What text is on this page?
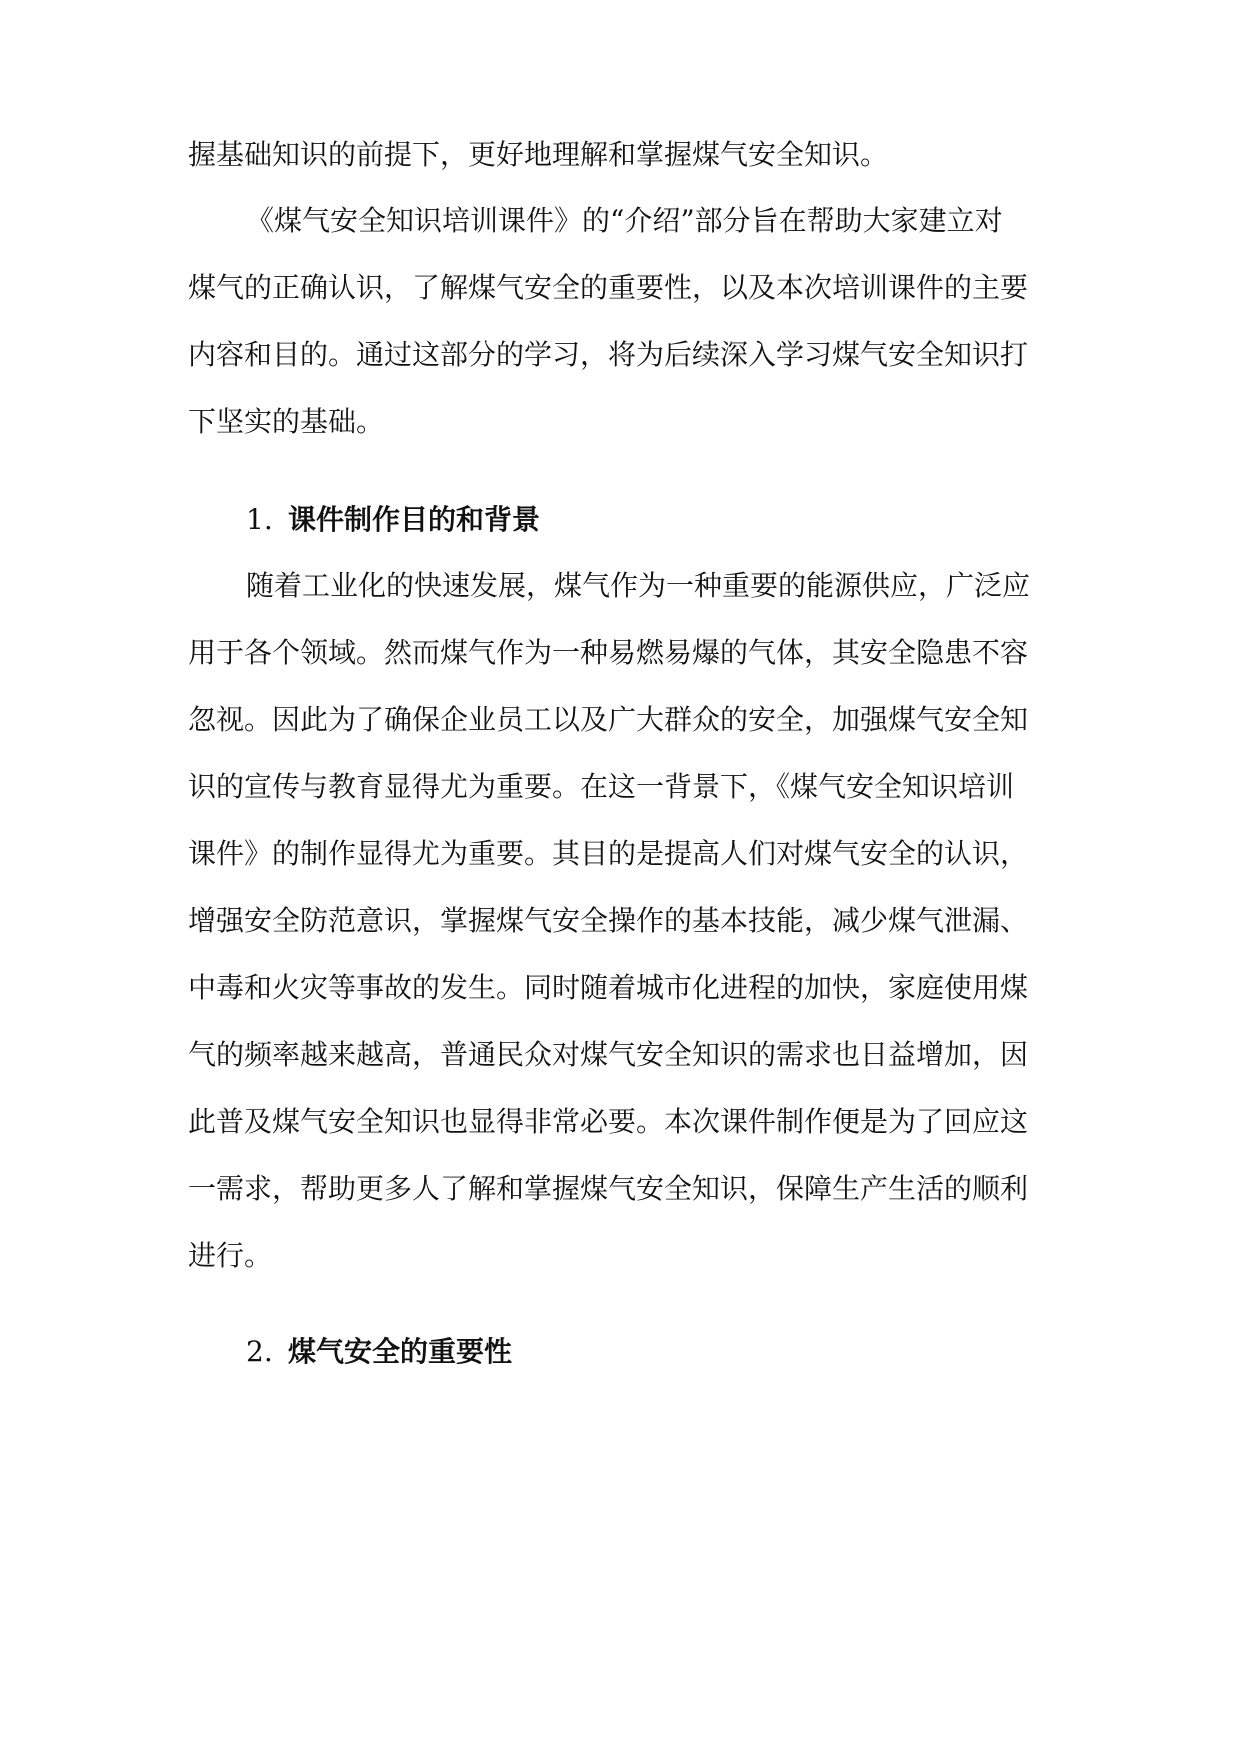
握基础知识的前提下，更好地理解和掌握煤气安全知识。

《煤气安全知识培训课件》的“介绍”部分旨在帮助大家建立对

煤气的正确认识，了解煤气安全的重要性，以及本次培训课件的主要

内容和目的。通过这部分的学习，将为后续深入学习煤气安全知识打

下坚实的基础。

1. 课件制作目的和背景

随着工业化的快速发展，煤气作为一种重要的能源供应，广泛应

用于各个领域。然而煤气作为一种易燃易爆的气体，其安全隐患不容

忽视。因此为了确保企业员工以及广大群众的安全，加强煤气安全知

识的宣传与教育显得尤为重要。在这一背景下，《煤气安全知识培训

课件》的制作显得尤为重要。其目的是提高人们对煤气安全的认识，

增强安全防范意识，掌握煤气安全操作的基本技能，减少煤气泄漏、

中毒和火灾等事故的发生。同时随着城市化进程的加快，家庭使用煤

气的频率越来越高，普通民众对煤气安全知识的需求也日益增加，因

此普及煤气安全知识也显得非常必要。本次课件制作便是为了回应这

一需求，帮助更多人了解和掌握煤气安全知识，保障生产生活的顺利

进行。

2. 煤气安全的重要性
